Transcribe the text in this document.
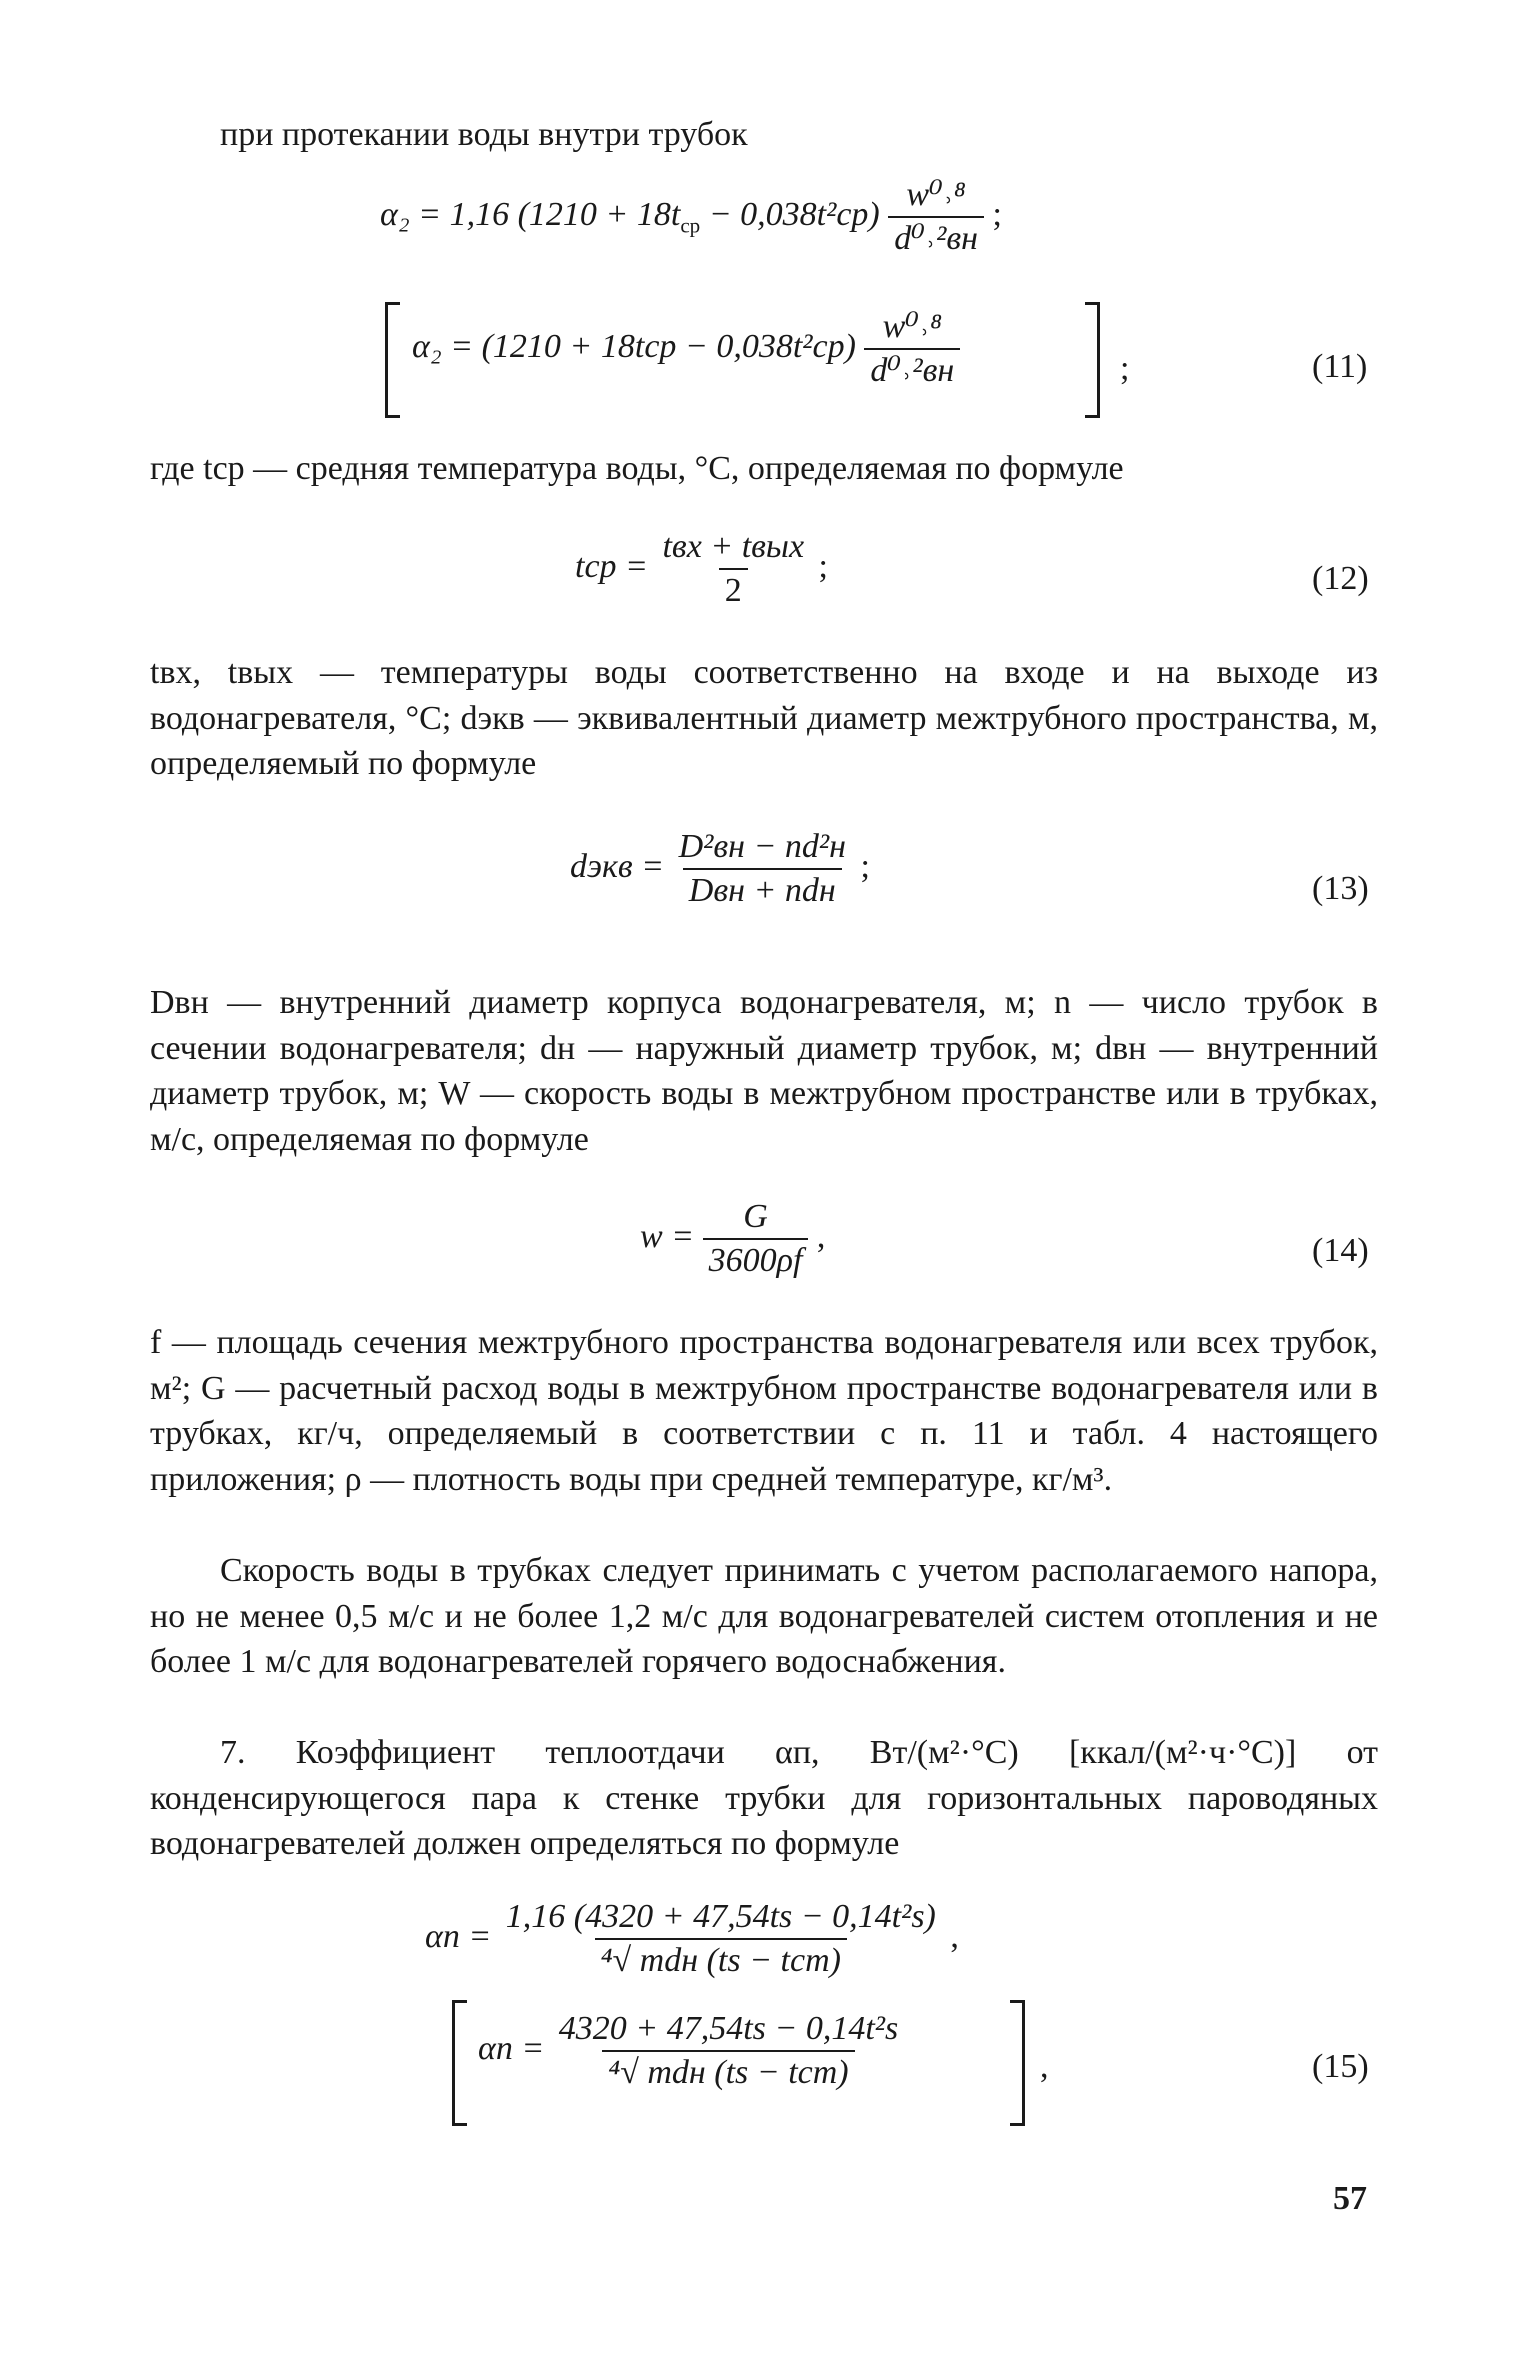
при протекании воды внутри трубок

α₂ = 1,16 $(1210 + 18t_{ср} - 0,038t^2ср) \frac{\text{w⁰˒⁸}}{\text{d⁰˒²вн}}$ ;
$\alpha_2 = (1210 + 18tср - 0,038t^2ср) \frac{\text{w⁰˒⁸}}{\text{d⁰˒²вн}}$	;	(11)

где tср — средняя температура воды, °C, определяемая по формуле

tср = $\frac{\text{tвх + tвых}}{2}$ ;	(12)

tвх, tвых — температуры воды соответственно на входе и на выходе из водонагревателя, °C; dэкв — эквивалентный диаметр межтрубного пространства, м, определяемый по формуле

dэкв = $\frac{\text{D²вн − nd²н}}{\text{Dвн + ndн}}$ ;
(13)

Dвн — внутренний диаметр корпуса водонагревателя, м; n — число трубок в сечении водонагревателя; dн — наружный диаметр трубок, м; dвн — внутренний диаметр трубок, м; W — скорость воды в межтрубном пространстве или в трубках, м/с, определяемая по формуле

$w = \frac{G}{3600\rho f}$ ,	(14)

f — площадь сечения межтрубного пространства водонагревателя или всех трубок, м²; G — расчетный расход воды в межтрубном пространстве водонагревателя или в трубках, кг/ч, определяемый в соответствии с п. 11 и табл. 4 настоящего приложения; ρ — плотность воды при средней температуре, кг/м³.

Скорость воды в трубках следует принимать с учетом располагаемого напора, но не менее 0,5 м/с и не более 1,2 м/с для водонагревателей систем отопления и не более 1 м/с для водонагревателей горячего водоснабжения.

7. Коэффициент теплоотдачи αп, Вт/(м²·°C) [ккал/(м²·ч·°C)] от конденсирующегося пара к стенке трубки для горизонтальных пароводяных водонагревателей должен определяться по формуле

$\alpha п = \frac{\text{1,16 (4320 + 47,54ts − 0,14t²s)}}{\text{⁴√ mdн (ts − tст)}}$ ,
$\alpha п = \frac{\text{4320 + 47,54ts − 0,14t²s}}{\text{⁴√ mdн (ts − tст)}}$	,	(15)
57
